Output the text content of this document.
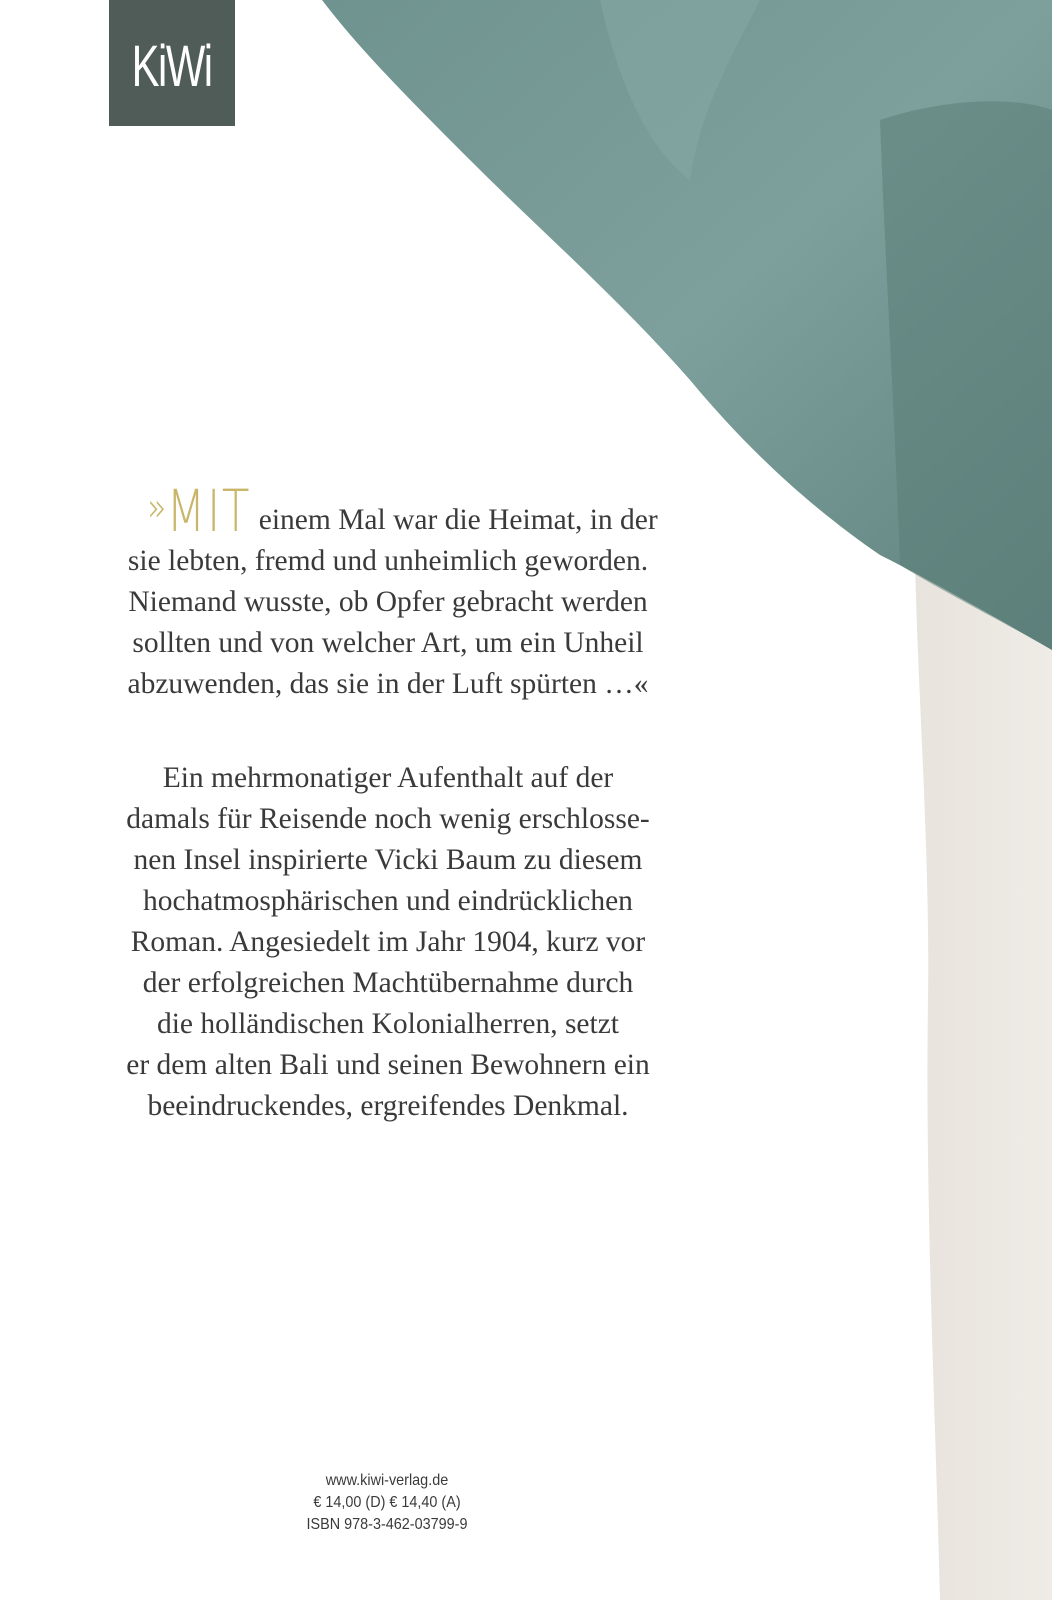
KiWi
»MIT einem Mal war die Heimat, in der
sie lebten, fremd und unheimlich geworden.
Niemand wusste, ob Opfer gebracht werden
sollten und von welcher Art, um ein Unheil
abzuwenden, das sie in der Luft spürten …«
Ein mehrmonatiger Aufenthalt auf der
damals für Reisende noch wenig erschlosse-
nen Insel inspirierte Vicki Baum zu diesem
hochatmosphärischen und eindrücklichen
Roman. Angesiedelt im Jahr 1904, kurz vor
der erfolgreichen Machtübernahme durch
die holländischen Kolonialherren, setzt
er dem alten Bali und seinen Bewohnern ein
beeindruckendes, ergreifendes Denkmal.
www.kiwi-verlag.de
€ 14,00 (D) € 14,40 (A)
ISBN 978-3-462-03799-9
